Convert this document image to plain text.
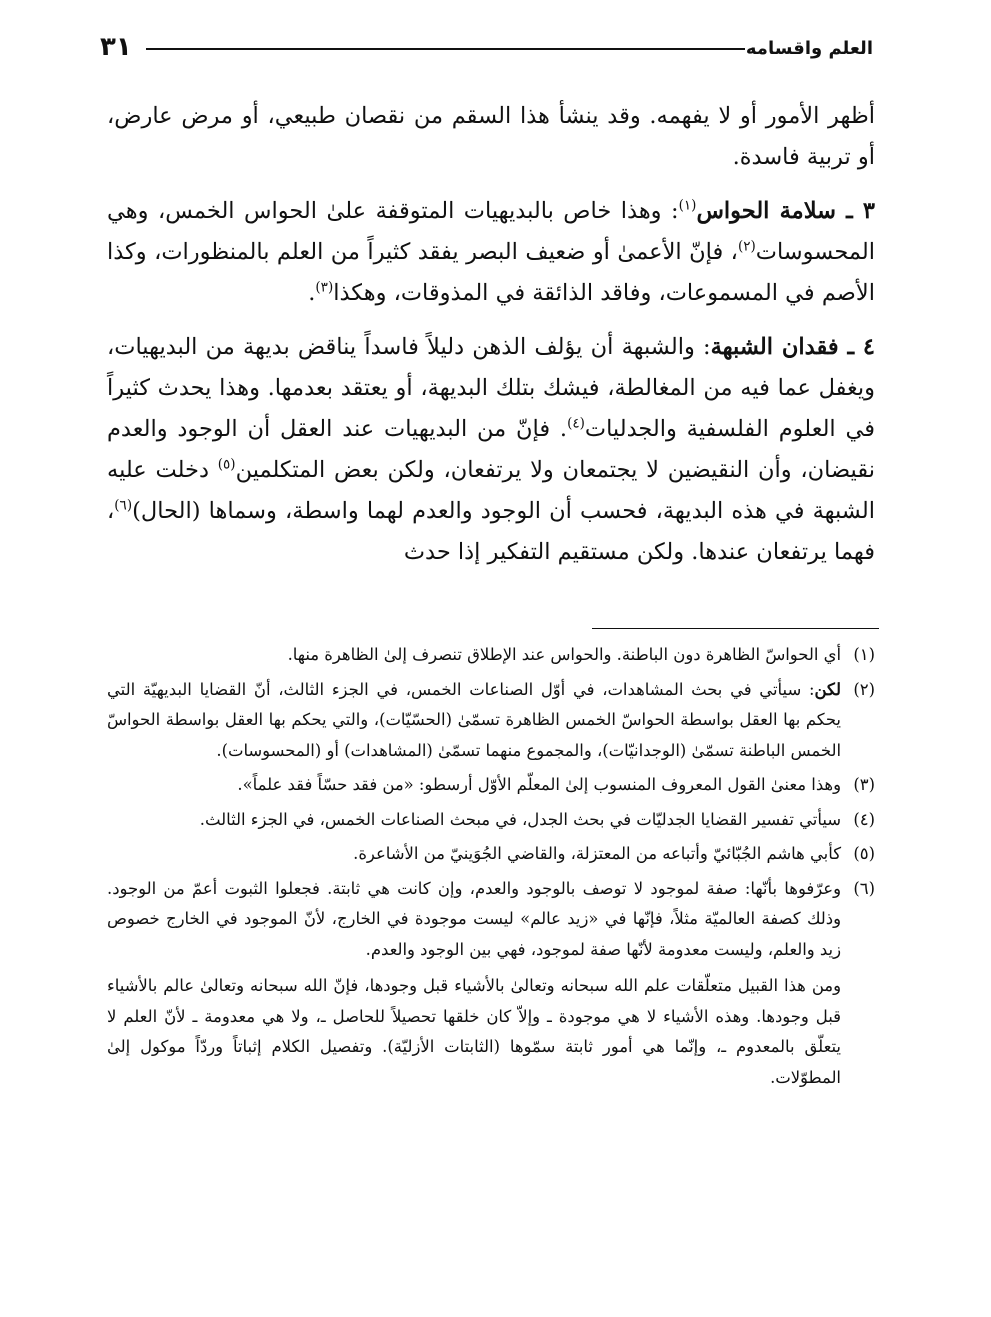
العلم واقسامه
٣١

أظهر الأمور أو لا يفهمه. وقد ينشأ هذا السقم من نقصان طبيعي، أو مرض عارض، أو تربية فاسدة.

٣ ـ سلامة الحواس$^{(١)}$: وهذا خاص بالبديهيات المتوقفة علىٰ الحواس الخمس، وهي المحسوسات$^{(٢)}$، فإنّ الأعمىٰ أو ضعيف البصر يفقد كثيراً من العلم بالمنظورات، وكذا الأصم في المسموعات، وفاقد الذائقة في المذوقات، وهكذا$^{(٣)}$.

٤ ـ فقدان الشبهة: والشبهة أن يؤلف الذهن دليلاً فاسداً يناقض بديهة من البديهيات، ويغفل عما فيه من المغالطة، فيشك بتلك البديهة، أو يعتقد بعدمها. وهذا يحدث كثيراً في العلوم الفلسفية والجدليات$^{(٤)}$. فإنّ من البديهيات عند العقل أن الوجود والعدم نقيضان، وأن النقيضين لا يجتمعان ولا يرتفعان، ولكن بعض المتكلمين$^{(٥)}$ دخلت عليه الشبهة في هذه البديهة، فحسب أن الوجود والعدم لهما واسطة، وسماها (الحال)$^{(٦)}$، فهما يرتفعان عندها. ولكن مستقيم التفكير إذا حدث

(١)
أي الحواسّ الظاهرة دون الباطنة. والحواس عند الإطلاق تنصرف إلىٰ الظاهرة منها.

(٢)
لكن: سيأتي في بحث المشاهدات، في أوّل الصناعات الخمس، في الجزء الثالث، أنّ القضايا البديهيّة التي يحكم بها العقل بواسطة الحواسّ الخمس الظاهرة تسمّىٰ (الحسّيّات)، والتي يحكم بها العقل بواسطة الحواسّ الخمس الباطنة تسمّىٰ (الوجدانيّات)، والمجموع منهما تسمّىٰ (المشاهدات) أو (المحسوسات).

(٣)
وهذا معنىٰ القول المعروف المنسوب إلىٰ المعلّم الأوّل أرسطو: «من فقد حسّاً فقد علماً».

(٤)
سيأتي تفسير القضايا الجدليّات في بحث الجدل، في مبحث الصناعات الخمس، في الجزء الثالث.

(٥)
كأبي هاشم الجُبّائيّ وأتباعه من المعتزلة، والقاضي الجُوَينيّ من الأشاعرة.

(٦)
وعرّفوها بأنّها: صفة لموجود لا توصف بالوجود والعدم، وإن كانت هي ثابتة. فجعلوا الثبوت أعمّ من الوجود. وذلك كصفة العالميّة مثلاً، فإنّها في «زيد عالم» ليست موجودة في الخارج، لأنّ الموجود في الخارج خصوص زيد والعلم، وليست معدومة لأنّها صفة لموجود، فهي بين الوجود والعدم.

ومن هذا القبيل متعلّقات علم الله سبحانه وتعالىٰ بالأشياء قبل وجودها، فإنّ الله سبحانه وتعالىٰ عالم بالأشياء قبل وجودها. وهذه الأشياء لا هي موجودة ـ وإلاّ كان خلقها تحصيلاً للحاصل ـ، ولا هي معدومة ـ لأنّ العلم لا يتعلّق بالمعدوم ـ، وإنّما هي أمور ثابتة سمّوها (الثابتات الأزليّة). وتفصيل الكلام إثباتاً وردّاً موكول إلىٰ المطوّلات.
